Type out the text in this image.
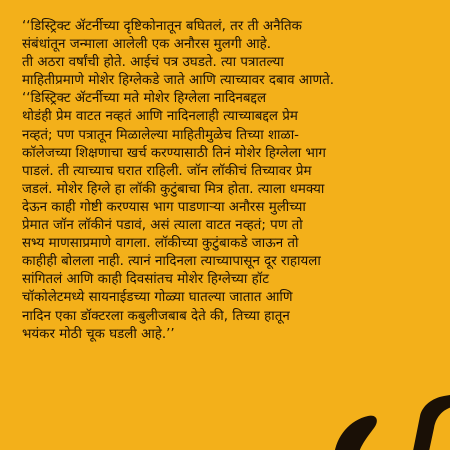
‘‘डिस्ट्रिक्ट ॲटर्नीच्या दृष्टिकोनातून बघितलं, तर ती अनैतिक
संबंधांतून जन्माला आलेली एक अनौरस मुलगी आहे.
ती अठरा वर्षांची होते. आईचं पत्र उघडते. त्या पत्रातल्या
माहितीप्रमाणे मोशेर हिग्लेकडे जाते आणि त्याच्यावर दबाव आणते.
‘‘डिस्ट्रिक्ट ॲटर्नीच्या मते मोशेर हिग्लेला नादिनबद्दल
थोडंही प्रेम वाटत नव्हतं आणि नादिनलाही त्याच्याबद्दल प्रेम
नव्हतं; पण पत्रातून मिळालेल्या माहितीमुळेच तिच्या शाळा-
कॉलेजच्या शिक्षणाचा खर्च करण्यासाठी तिनं मोशेर हिग्लेला भाग
पाडलं. ती त्याच्याच घरात राहिली. जॉन लॉकीचं तिच्यावर प्रेम
जडलं. मोशेर हिग्ले हा लॉकी कुटुंबाचा मित्र होता. त्याला धमक्या
देऊन काही गोष्टी करण्यास भाग पाडणाऱ्या अनौरस मुलीच्या
प्रेमात जॉन लॉकीनं पडावं, असं त्याला वाटत नव्हतं; पण तो
सभ्य माणसाप्रमाणे वागला. लॉकीच्या कुटुंबाकडे जाऊन तो
काहीही बोलला नाही. त्यानं नादिनला त्याच्यापासून दूर राहायला
सांगितलं आणि काही दिवसांतच मोशेर हिग्लेच्या हॉट
चॉकोलेटमध्ये सायनाईडच्या गोळ्या घातल्या जातात आणि
नादिन एका डॉक्टरला कबुलीजबाब देते की, तिच्या हातून
भयंकर मोठी चूक घडली आहे.’’
